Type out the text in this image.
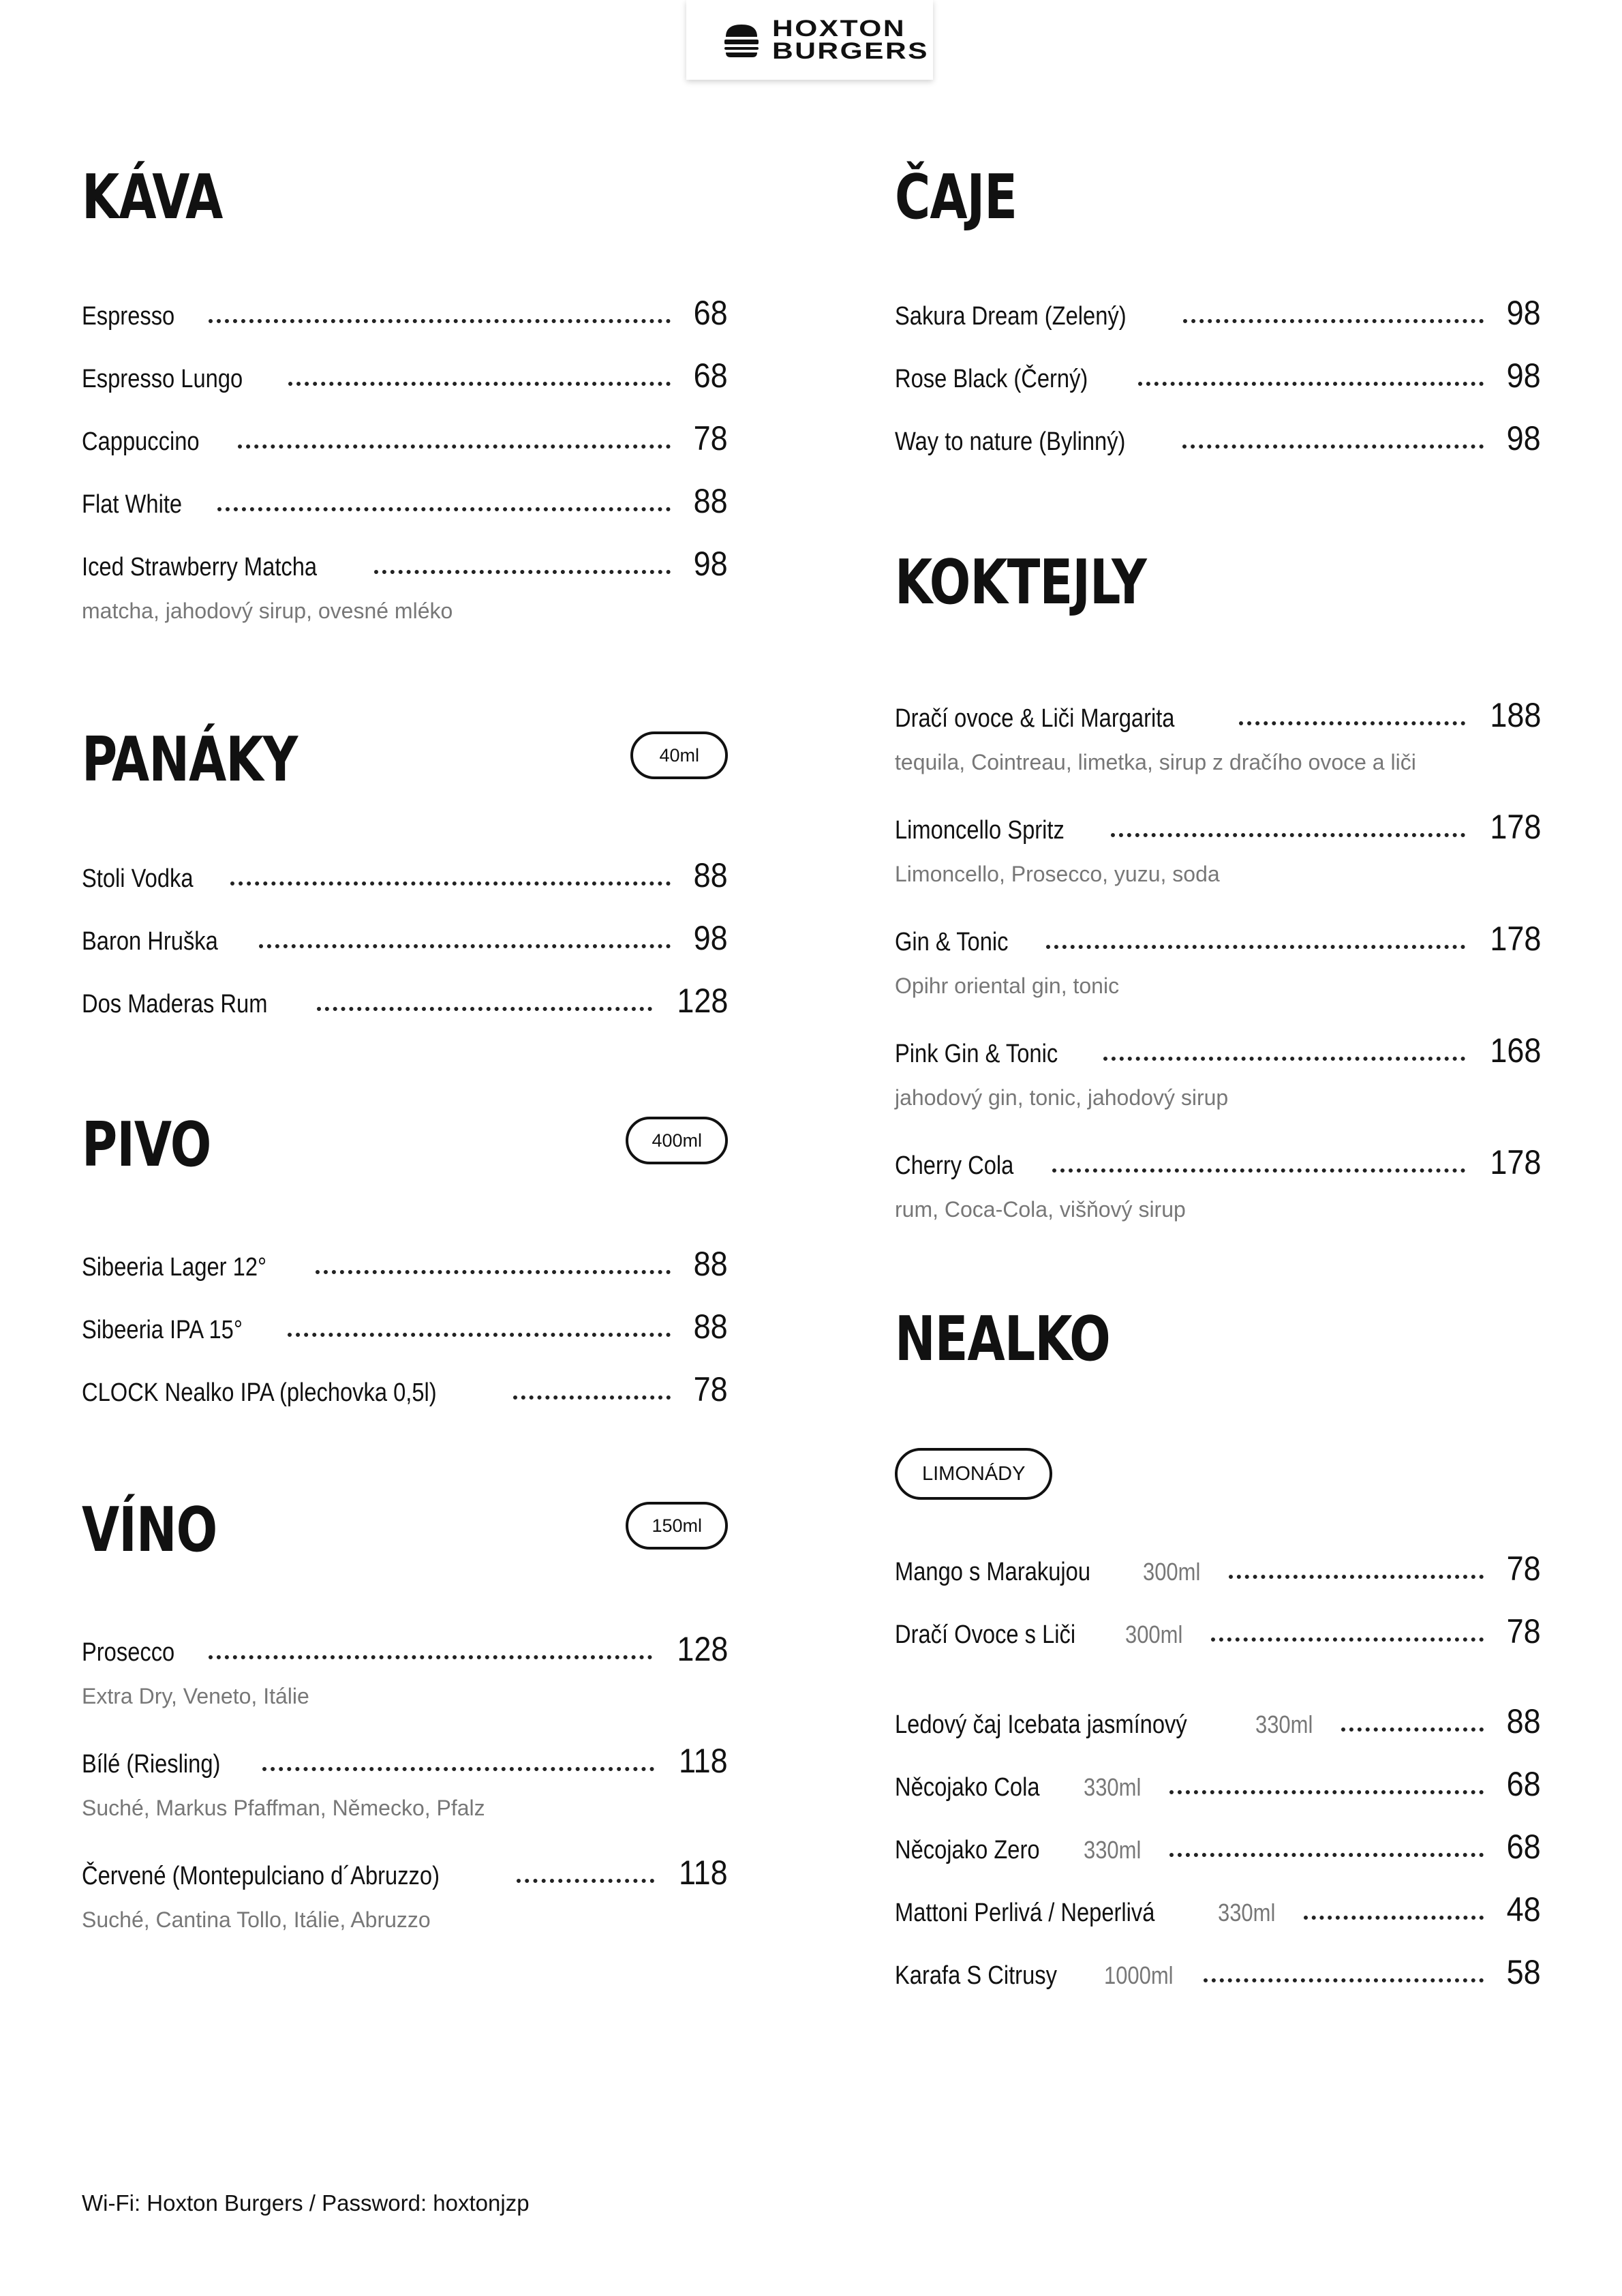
HOXTON
BURGERS
KÁVA
Espresso	68
Espresso Lungo	68
Cappuccino	78
Flat White	88
Iced Strawberry Matcha	98
matcha, jahodový sirup, ovesné mléko
PANÁKY	40ml
Stoli Vodka	88
Baron Hruška	98
Dos Maderas Rum	128
PIVO	400ml
Sibeeria Lager 12°	88
Sibeeria IPA 15°	88
CLOCK Nealko IPA (plechovka 0,5l)	78
VÍNO	150ml
Prosecco	128
Extra Dry, Veneto, Itálie
Bílé (Riesling)	118
Suché, Markus Pfaffman, Německo, Pfalz
Červené (Montepulciano d´Abruzzo)	118
Suché, Cantina Tollo, Itálie, Abruzzo
ČAJE
Sakura Dream (Zelený)	98
Rose Black (Černý)	98
Way to nature (Bylinný)	98
KOKTEJLY
Dračí ovoce & Liči Margarita	188
tequila, Cointreau, limetka, sirup z dračího ovoce a liči
Limoncello Spritz	178
Limoncello, Prosecco, yuzu, soda
Gin & Tonic	178
Opihr oriental gin, tonic
Pink Gin & Tonic	168
jahodový gin, tonic, jahodový sirup
Cherry Cola	178
rum, Coca-Cola, višňový sirup
NEALKO
LIMONÁDY
Mango s Marakujou 300ml	78
Dračí Ovoce s Liči 300ml	78
Ledový čaj Icebata jasmínový	330ml	88
Něcojako Cola 330ml	68
Něcojako Zero 330ml	68
Mattoni Perlivá / Neperlivá	330ml	48
Karafa S Citrusy 1000ml	58
Wi-Fi: Hoxton Burgers / Password: hoxtonjzp
